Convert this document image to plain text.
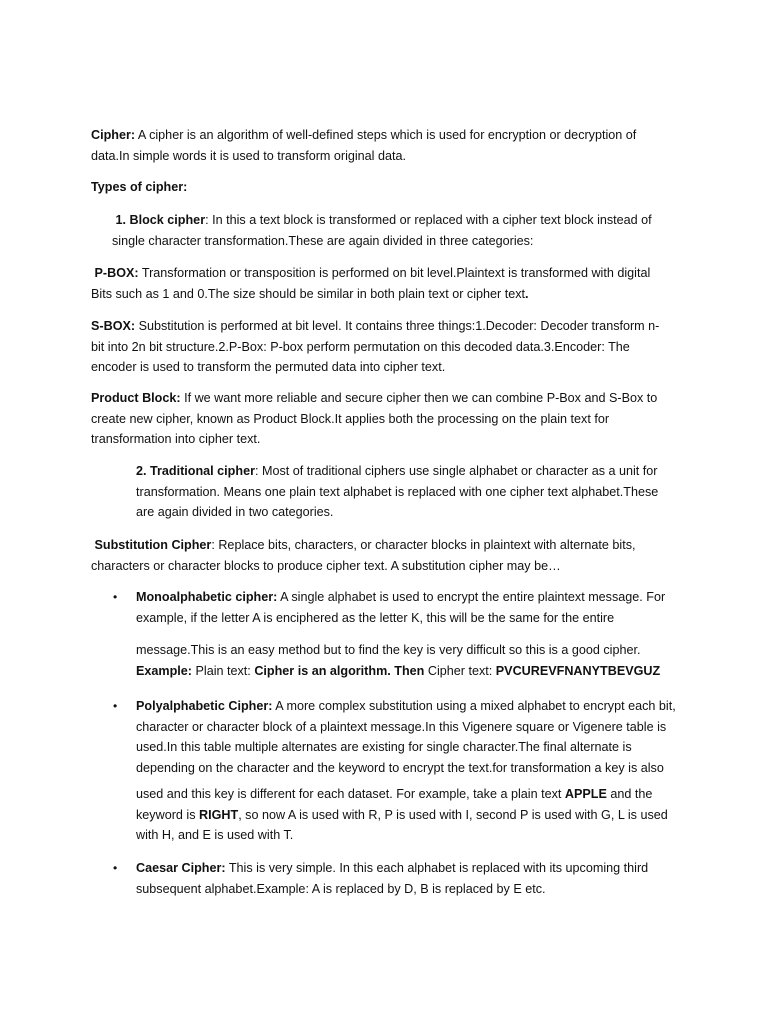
Cipher: A cipher is an algorithm of well-defined steps which is used for encryption or decryption of
data.In simple words it is used to transform original data.

Types of cipher:

1. Block cipher: In this a text block is transformed or replaced with a cipher text block instead of
single character transformation.These are again divided in three categories:

P-BOX: Transformation or transposition is performed on bit level.Plaintext is transformed with digital
Bits such as 1 and 0.The size should be similar in both plain text or cipher text.

S-BOX: Substitution is performed at bit level. It contains three things:1.Decoder: Decoder transform n-
bit into 2n bit structure.2.P-Box: P-box perform permutation on this decoded data.3.Encoder: The
encoder is used to transform the permuted data into cipher text.

Product Block: If we want more reliable and secure cipher then we can combine P-Box and S-Box to
create new cipher, known as Product Block.It applies both the processing on the plain text for
transformation into cipher text.

2. Traditional cipher: Most of traditional ciphers use single alphabet or character as a unit for
transformation. Means one plain text alphabet is replaced with one cipher text alphabet.These
are again divided in two categories.

Substitution Cipher: Replace bits, characters, or character blocks in plaintext with alternate bits,
characters or character blocks to produce cipher text. A substitution cipher may be…

• Monoalphabetic cipher: A single alphabet is used to encrypt the entire plaintext message. For
example, if the letter A is enciphered as the letter K, this will be the same for the entire

message.This is an easy method but to find the key is very difficult so this is a good cipher.
Example: Plain text: Cipher is an algorithm. Then Cipher text: PVCUREVFNANYTBEVGUZ

• Polyalphabetic Cipher: A more complex substitution using a mixed alphabet to encrypt each bit,
character or character block of a plaintext message.In this Vigenere square or Vigenere table is
used.In this table multiple alternates are existing for single character.The final alternate is
depending on the character and the keyword to encrypt the text.for transformation a key is also

used and this key is different for each dataset. For example, take a plain text APPLE and the
keyword is RIGHT, so now A is used with R, P is used with I, second P is used with G, L is used
with H, and E is used with T.

• Caesar Cipher: This is very simple. In this each alphabet is replaced with its upcoming third
subsequent alphabet.Example: A is replaced by D, B is replaced by E etc.
